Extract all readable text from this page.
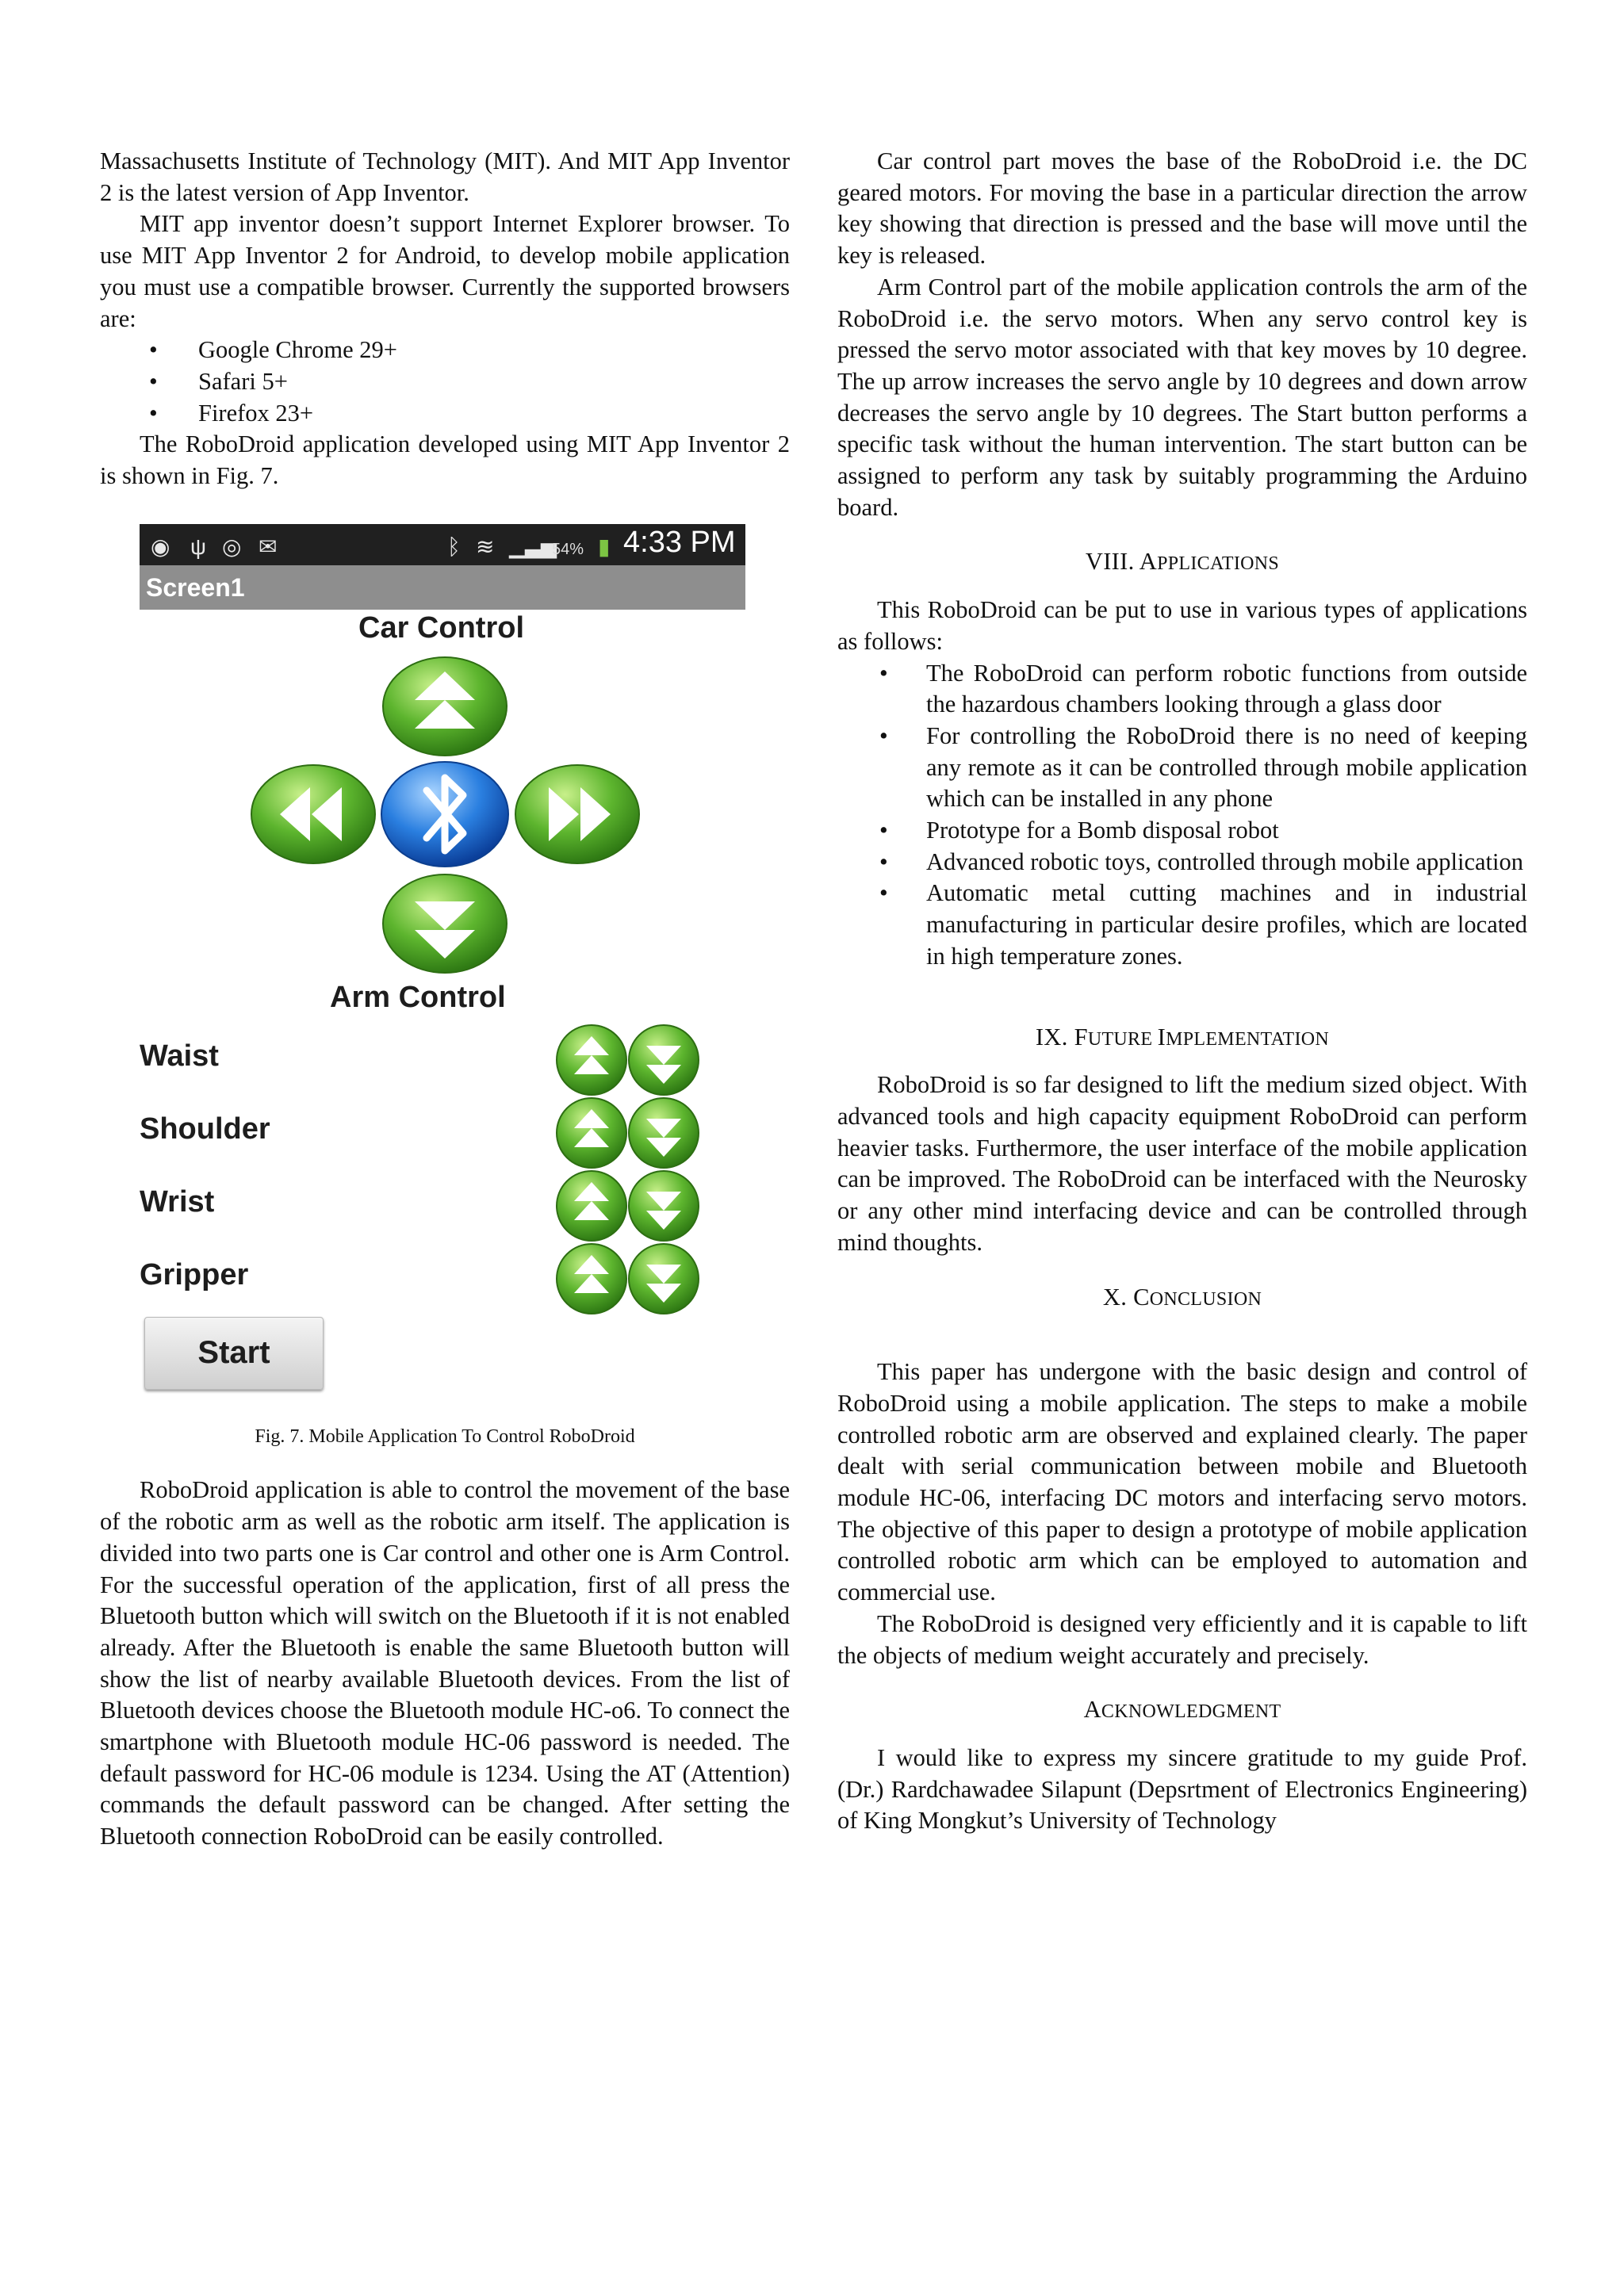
Massachusetts Institute of Technology (MIT). And MIT App Inventor 2 is the latest version of App Inventor.

MIT app inventor doesn’t support Internet Explorer browser. To use MIT App Inventor 2 for Android, to develop mobile application you must use a compatible browser. Currently the supported browsers are:

• Google Chrome 29+
• Safari 5+
• Firefox 23+

The RoboDroid application developed using MIT App Inventor 2 is shown in Fig. 7.

◉ ψ ◎ ✉	ᛒ ≋ ▁▃▅
54% ▮ 4:33 PM
Screen1
Car Control
Arm Control
Waist
Shoulder
Wrist
Gripper
Start
Fig. 7. Mobile Application To Control RoboDroid

RoboDroid application is able to control the movement of the base of the robotic arm as well as the robotic arm itself. The application is divided into two parts one is Car control and other one is Arm Control. For the successful operation of the application, first of all press the Bluetooth button which will switch on the Bluetooth if it is not enabled already. After the Bluetooth is enable the same Bluetooth button will show the list of nearby available Bluetooth devices. From the list of Bluetooth devices choose the Bluetooth module HC-o6. To connect the smartphone with Bluetooth module HC-06 password is needed. The default password for HC-06 module is 1234. Using the AT (Attention) commands the default password can be changed. After setting the Bluetooth connection RoboDroid can be easily controlled.

Car control part moves the base of the RoboDroid i.e. the DC geared motors. For moving the base in a particular direction the arrow key showing that direction is pressed and the base will move until the key is released.

Arm Control part of the mobile application controls the arm of the RoboDroid i.e. the servo motors. When any servo control key is pressed the servo motor associated with that key moves by 10 degree. The up arrow increases the servo angle by 10 degrees and down arrow decreases the servo angle by 10 degrees. The Start button performs a specific task without the human intervention. The start button can be assigned to perform any task by suitably programming the Arduino board.

VIII. APPLICATIONS

This RoboDroid can be put to use in various types of applications as follows:

• The RoboDroid can perform robotic functions from outside the hazardous chambers looking through a glass door
• For controlling the RoboDroid there is no need of keeping any remote as it can be controlled through mobile application which can be installed in any phone
• Prototype for a Bomb disposal robot
• Advanced robotic toys, controlled through mobile application
• Automatic metal cutting machines and in industrial manufacturing in particular desire profiles, which are located in high temperature zones.
IX. FUTURE IMPLEMENTATION

RoboDroid is so far designed to lift the medium sized object. With advanced tools and high capacity equipment RoboDroid can perform heavier tasks. Furthermore, the user interface of the mobile application can be improved. The RoboDroid can be interfaced with the Neurosky or any other mind interfacing device and can be controlled through mind thoughts.

X. CONCLUSION

This paper has undergone with the basic design and control of RoboDroid using a mobile application. The steps to make a mobile controlled robotic arm are observed and explained clearly. The paper dealt with serial communication between mobile and Bluetooth module HC-06, interfacing DC motors and interfacing servo motors. The objective of this paper to design a prototype of mobile application controlled robotic arm which can be employed to automation and commercial use.

The RoboDroid is designed very efficiently and it is capable to lift the objects of medium weight accurately and precisely.

ACKNOWLEDGMENT

I would like to express my sincere gratitude to my guide Prof. (Dr.) Rardchawadee Silapunt (Depsrtment of Electronics Engineering) of King Mongkut’s University of Technology
